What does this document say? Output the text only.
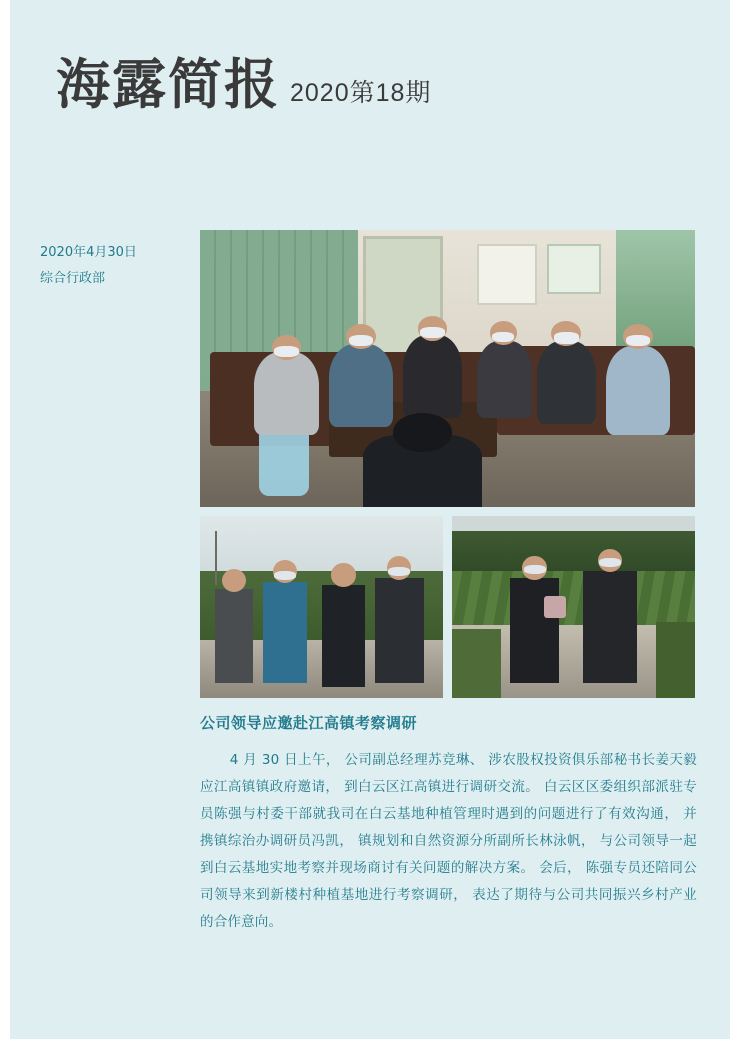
海露简报 2020第18期
2020年4月30日
综合行政部
公司领导应邀赴江高镇考察调研

4 月 30 日上午， 公司副总经理苏竞琳、 涉农股权投资俱乐部秘书长姜天毅应江高镇镇政府邀请， 到白云区江高镇进行调研交流。 白云区区委组织部派驻专员陈强与村委干部就我司在白云基地种植管理时遇到的问题进行了有效沟通， 并携镇综治办调研员冯凯， 镇规划和自然资源分所副所长林泳帆， 与公司领导一起到白云基地实地考察并现场商讨有关问题的解决方案。 会后， 陈强专员还陪同公司领导来到新楼村种植基地进行考察调研， 表达了期待与公司共同振兴乡村产业的合作意向。
